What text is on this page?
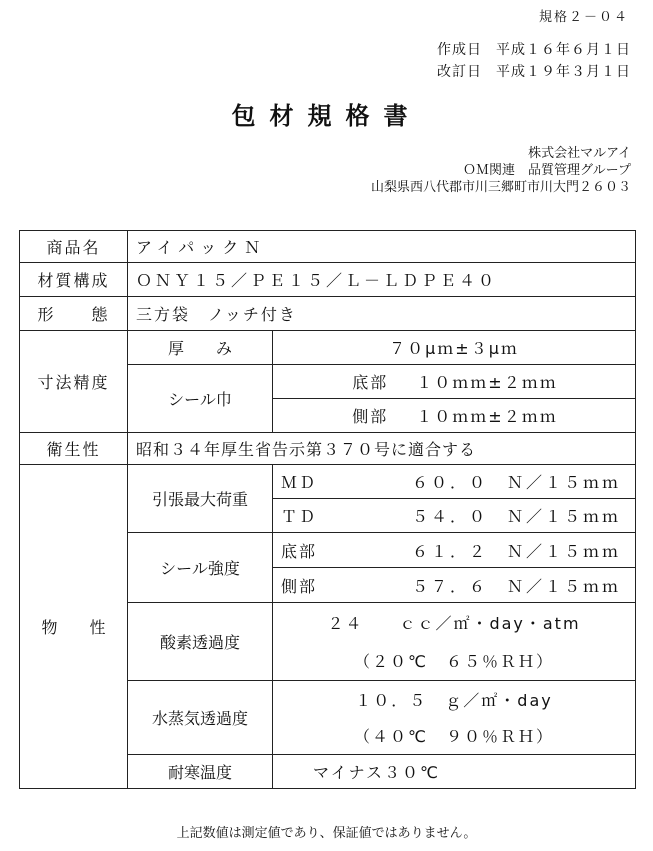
規格２－０４
作成日 平成１６年６月１日
改訂日 平成１９年３月１日
包材規格書
株式会社マルアイ
ＯＭ関連　品質管理グループ
山梨県西八代郡市川三郷町市川大門２６０３
商品名	アイパックＮ	
材質構成	ＯＮＹ１５／ＰＥ１５／Ｌ－ＬＤＰＥ４０	
形　　態	三方袋　ノッチ付き	
寸法精度	厚　　み	７０μｍ±３μｍ
	シール巾	底部 １０ｍｍ±２ｍｍ

		側部 １０ｍｍ±２ｍｍ

衛生性	昭和３４年厚生省告示第３７０号に適合する	
物　　性	引張最大荷重	ＭＤ ６０．０　Ｎ／１５ｍｍ

		ＴＤ ５４．０　Ｎ／１５ｍｍ

	シール強度	底部 ６１．２　Ｎ／１５ｍｍ

		側部 ５７．６　Ｎ／１５ｍｍ

	酸素透過度	２４　　ｃｃ／㎡・day・atm
		（２０℃　６５％ＲＨ）
	水蒸気透過度	１０．５　ｇ／㎡・day
		（４０℃　９０％ＲＨ）
	耐寒温度	マイナス３０℃
上記数値は測定値であり、保証値ではありません。
